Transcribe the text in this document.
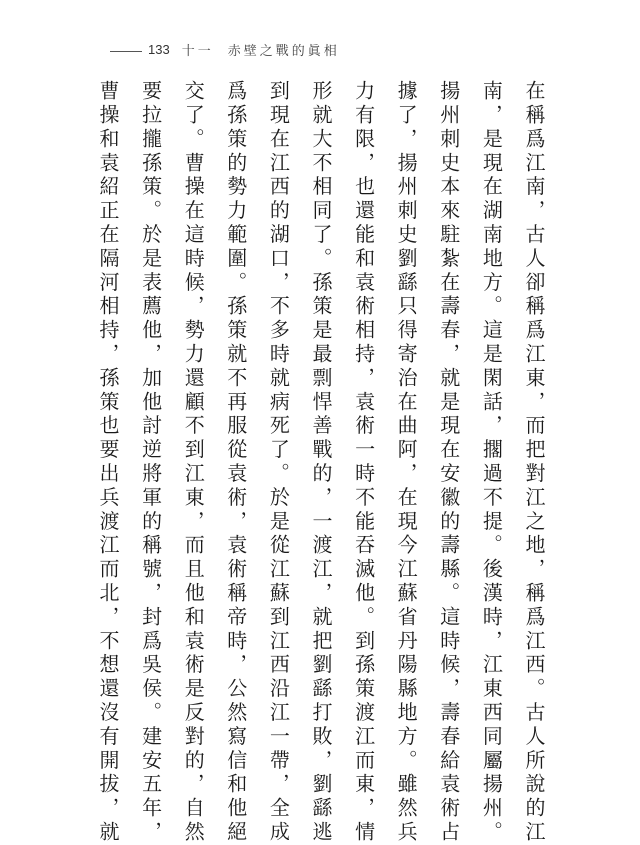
133 十一 赤壁之戰的眞相
在稱爲江南，古人卻稱爲江東，而把對江之地，稱爲江西。古人所說的江
南，是現在湖南地方。這是閑話，擱過不提。後漢時，江東西同屬揚州。
揚州刺史本來駐紮在壽春，就是現在安徽的壽縣。這時候，壽春給袁術占
據了，揚州刺史劉繇只得寄治在曲阿，在現今江蘇省丹陽縣地方。雖然兵
力有限，也還能和袁術相持，袁術一時不能吞滅他。到孫策渡江而東，情
形就大不相同了。孫策是最剽悍善戰的，一渡江，就把劉繇打敗，劉繇逃
到現在江西的湖口，不多時就病死了。於是從江蘇到江西沿江一帶，全成
爲孫策的勢力範圍。孫策就不再服從袁術，袁術稱帝時，公然寫信和他絕
交了。曹操在這時候，勢力還顧不到江東，而且他和袁術是反對的，自然
要拉攏孫策。於是表薦他，加他討逆將軍的稱號，封爲吳侯。建安五年，
曹操和袁紹正在隔河相持，孫策也要出兵渡江而北，不想還沒有開拔，就
